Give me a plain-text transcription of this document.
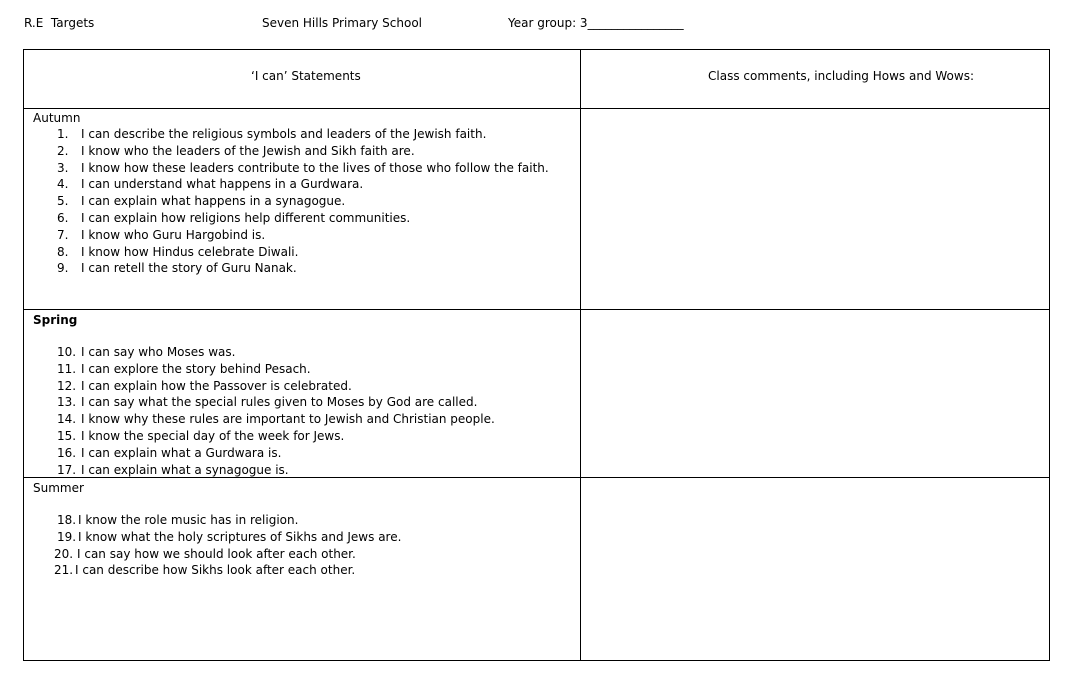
R.E  Targets	Seven Hills Primary School	Year group: 3________________
‘I can’ Statements	Class comments, including Hows and Wows:
Autumn
1. I can describe the religious symbols and leaders of the Jewish faith.
2. I know who the leaders of the Jewish and Sikh faith are.
3. I know how these leaders contribute to the lives of those who follow the faith.
4. I can understand what happens in a Gurdwara.
5. I can explain what happens in a synagogue.
6. I can explain how religions help different communities.
7. I know who Guru Hargobind is.
8. I know how Hindus celebrate Diwali.
9. I can retell the story of Guru Nanak.
Spring
10. I can say who Moses was.
11. I can explore the story behind Pesach.
12. I can explain how the Passover is celebrated.
13. I can say what the special rules given to Moses by God are called.
14. I know why these rules are important to Jewish and Christian people.
15. I know the special day of the week for Jews.
16. I can explain what a Gurdwara is.
17. I can explain what a synagogue is.
Summer
18. I know the role music has in religion.
19. I know what the holy scriptures of Sikhs and Jews are.
20. I can say how we should look after each other.
21. I can describe how Sikhs look after each other.
